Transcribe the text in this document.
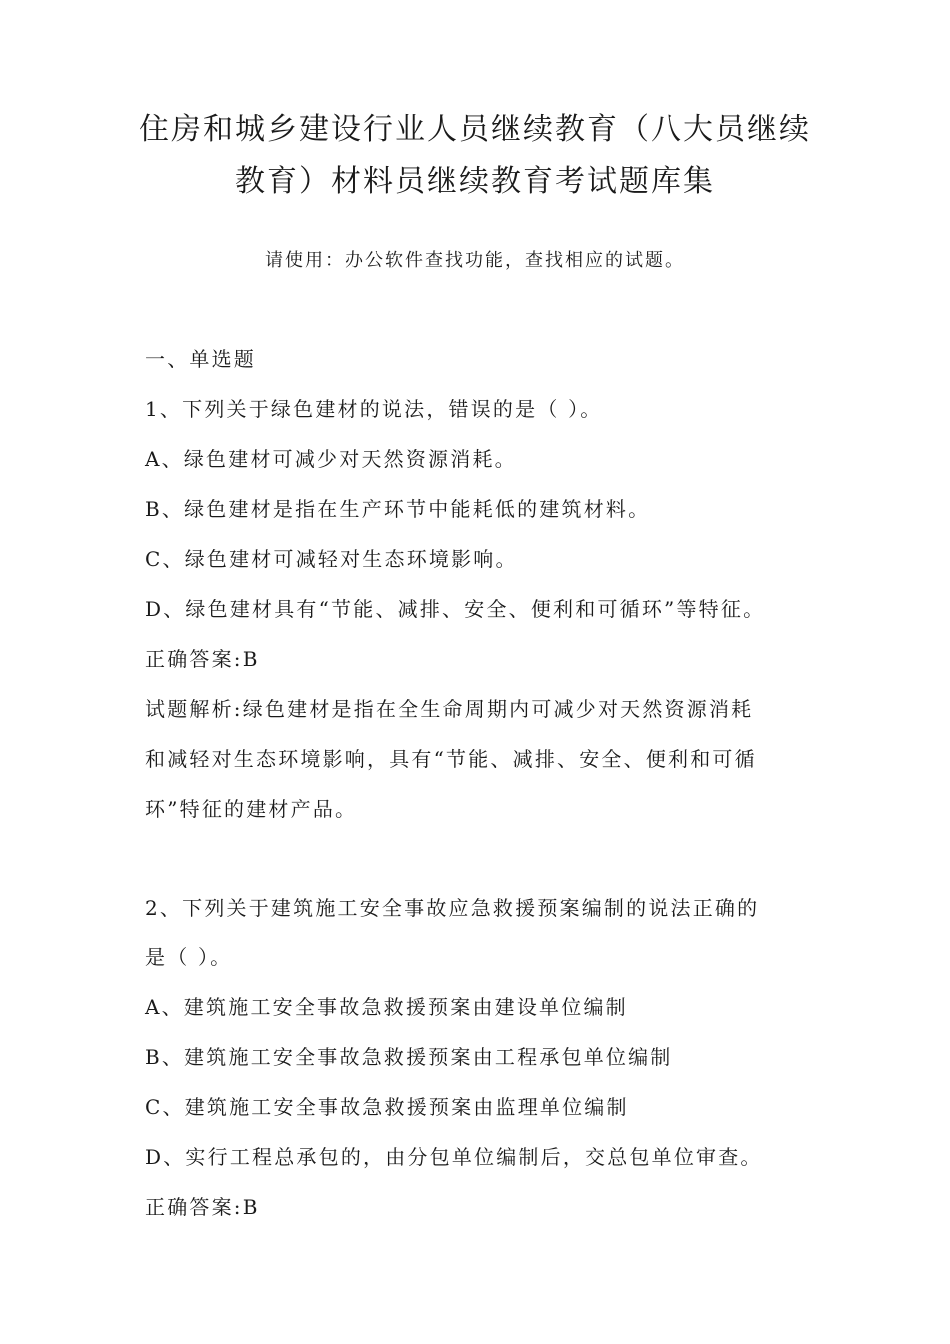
住房和城乡建设行业人员继续教育（八大员继续
教育）材料员继续教育考试题库集
请使用：办公软件查找功能，查找相应的试题。
一、单选题
1、下列关于绿色建材的说法，错误的是（ ）。
A、绿色建材可减少对天然资源消耗。
B、绿色建材是指在生产环节中能耗低的建筑材料。
C、绿色建材可减轻对生态环境影响。
D、绿色建材具有“节能、减排、安全、便利和可循环”等特征。
正确答案:B
试题解析:绿色建材是指在全生命周期内可减少对天然资源消耗
和减轻对生态环境影响，具有“节能、减排、安全、便利和可循
环”特征的建材产品。
2、下列关于建筑施工安全事故应急救援预案编制的说法正确的
是（ ）。
A、建筑施工安全事故急救援预案由建设单位编制
B、建筑施工安全事故急救援预案由工程承包单位编制
C、建筑施工安全事故急救援预案由监理单位编制
D、实行工程总承包的，由分包单位编制后，交总包单位审查。
正确答案:B
